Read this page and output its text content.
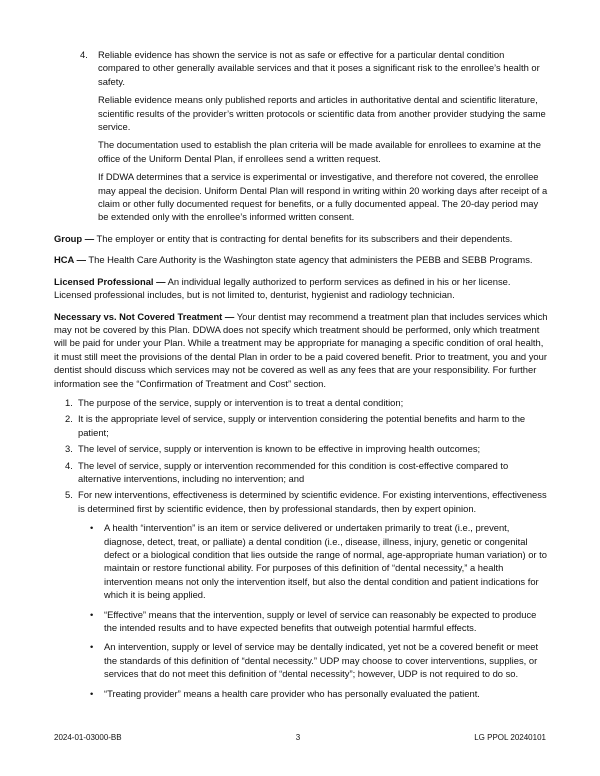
4.	Reliable evidence has shown the service is not as safe or effective for a particular dental condition compared to other generally available services and that it poses a significant risk to the enrollee’s health or safety.

Reliable evidence means only published reports and articles in authoritative dental and scientific literature, scientific results of the provider’s written protocols or scientific data from another provider studying the same service.

The documentation used to establish the plan criteria will be made available for enrollees to examine at the office of the Uniform Dental Plan, if enrollees send a written request.

If DDWA determines that a service is experimental or investigative, and therefore not covered, the enrollee may appeal the decision. Uniform Dental Plan will respond in writing within 20 working days after receipt of a claim or other fully documented request for benefits, or a fully documented appeal. The 20-day period may be extended only with the enrollee’s informed written consent.

Group — The employer or entity that is contracting for dental benefits for its subscribers and their dependents.

HCA — The Health Care Authority is the Washington state agency that administers the PEBB and SEBB Programs.

Licensed Professional — An individual legally authorized to perform services as defined in his or her license. Licensed professional includes, but is not limited to, denturist, hygienist and radiology technician.

Necessary vs. Not Covered Treatment — Your dentist may recommend a treatment plan that includes services which may not be covered by this Plan. DDWA does not specify which treatment should be performed, only which treatment will be paid for under your Plan. While a treatment may be appropriate for managing a specific condition of oral health, it must still meet the provisions of the dental Plan in order to be a paid covered benefit. Prior to treatment, you and your dentist should discuss which services may not be covered as well as any fees that are your responsibility. For further information see the “Confirmation of Treatment and Cost” section.

1. The purpose of the service, supply or intervention is to treat a dental condition;
2. It is the appropriate level of service, supply or intervention considering the potential benefits and harm to the patient;
3. The level of service, supply or intervention is known to be effective in improving health outcomes;
4. The level of service, supply or intervention recommended for this condition is cost-effective compared to alternative interventions, including no intervention; and
5. For new interventions, effectiveness is determined by scientific evidence. For existing interventions, effectiveness is determined first by scientific evidence, then by professional standards, then by expert opinion.
•	A health “intervention” is an item or service delivered or undertaken primarily to treat (i.e., prevent, diagnose, detect, treat, or palliate) a dental condition (i.e., disease, illness, injury, genetic or congenital defect or a biological condition that lies outside the range of normal, age-appropriate human variation) or to maintain or restore functional ability. For purposes of this definition of “dental necessity,” a health intervention means not only the intervention itself, but also the dental condition and patient indications for which it is being applied.
•	“Effective” means that the intervention, supply or level of service can reasonably be expected to produce the intended results and to have expected benefits that outweigh potential harmful effects.
•	An intervention, supply or level of service may be dentally indicated, yet not be a covered benefit or meet the standards of this definition of “dental necessity.” UDP may choose to cover interventions, supplies, or services that do not meet this definition of “dental necessity”; however, UDP is not required to do so.
•	“Treating provider” means a health care provider who has personally evaluated the patient.
2024-01-03000-BB	3	LG PPOL 20240101
